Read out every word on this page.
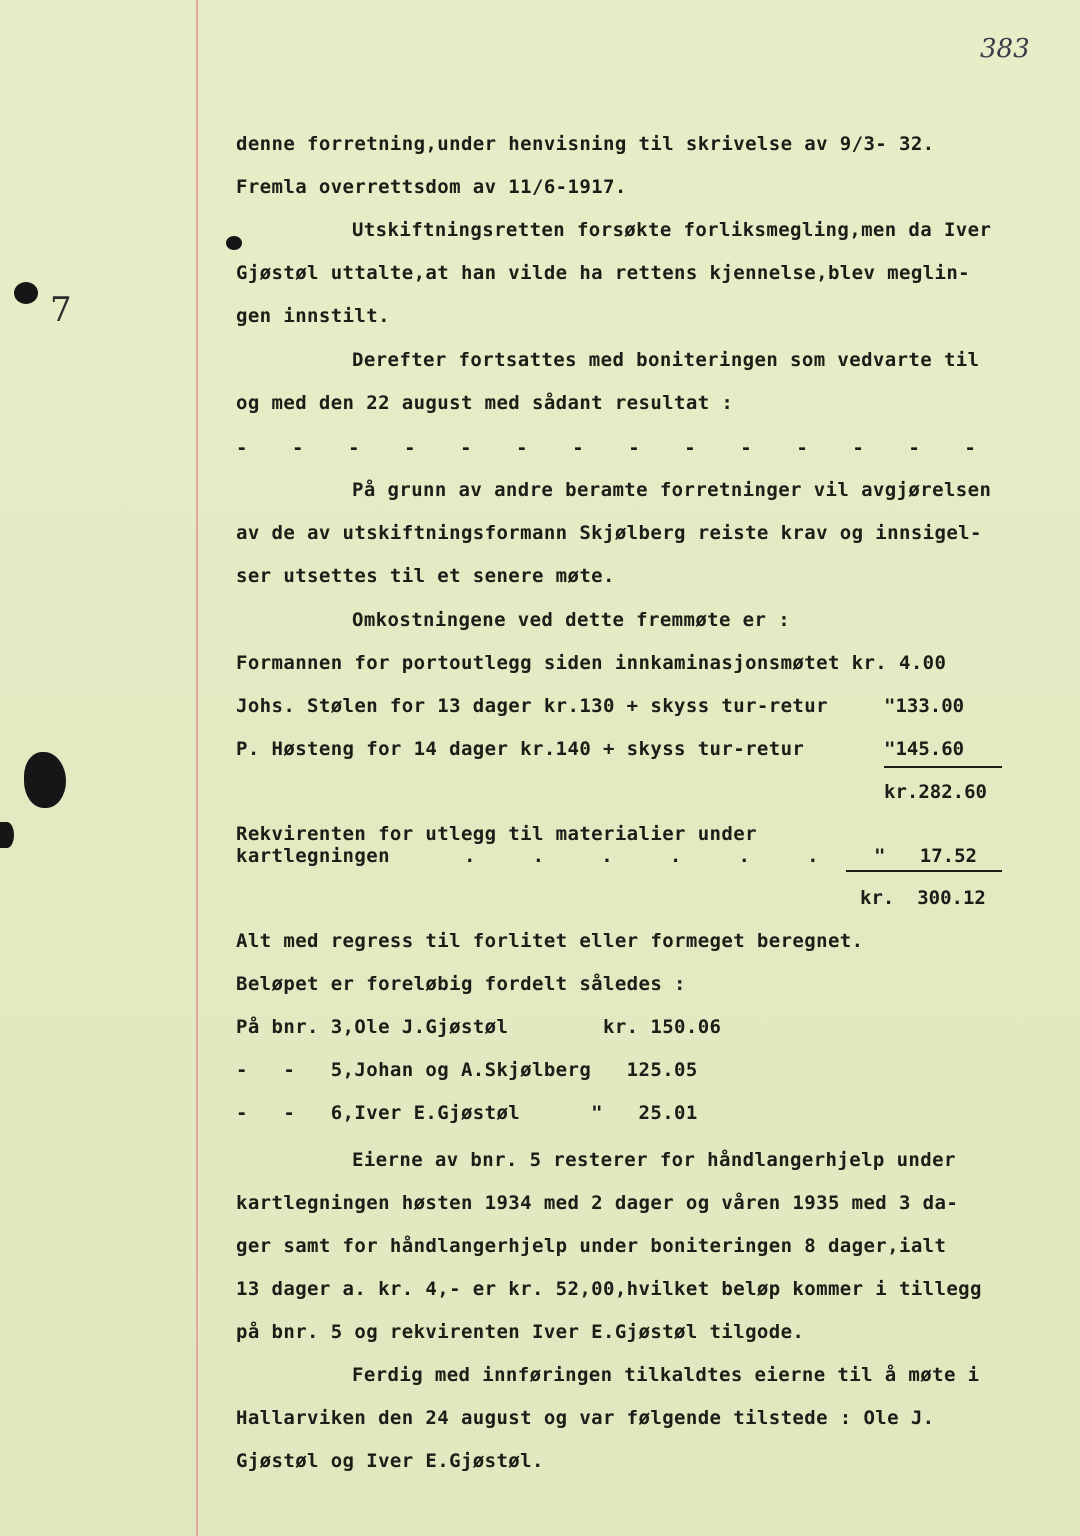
383
7
denne forretning,under henvisning til skrivelse av 9/3- 32.
Fremla overrettsdom av 11/6-1917.
Utskiftningsretten forsøkte forliksmegling,men da Iver
Gjøstøl uttalte,at han vilde ha rettens kjennelse,blev meglin-
gen innstilt.
Derefter fortsattes med boniteringen som vedvarte til
og med den 22 august med sådant resultat :
- - - - - - - - - - - - - -
På grunn av andre beramte forretninger vil avgjørelsen
av de av utskiftningsformann Skjølberg reiste krav og innsigel-
ser utsettes til et senere møte.
Omkostningene ved dette fremmøte er :
Formannen for portoutlegg siden innkaminasjonsmøtet kr. 4.00
Johs. Stølen for 13 dager kr.130 + skyss tur-retur	"133.00
P. Høsteng for 14 dager kr.140 + skyss tur-retur	"145.60
kr.282.60
Rekvirenten for utlegg til materialier under
kartlegningen	.     .     .     .     .     .	"   17.52
kr.  300.12
Alt med regress til forlitet eller formeget beregnet.
Beløpet er foreløbig fordelt således :
På bnr. 3,Ole J.Gjøstøl        kr. 150.06
-   -   5,Johan og A.Skjølberg   125.05
-   -   6,Iver E.Gjøstøl      "   25.01
Eierne av bnr. 5 resterer for håndlangerhjelp under
kartlegningen høsten 1934 med 2 dager og våren 1935 med 3 da-
ger samt for håndlangerhjelp under boniteringen 8 dager,ialt
13 dager a. kr. 4,- er kr. 52,00,hvilket beløp kommer i tillegg
på bnr. 5 og rekvirenten Iver E.Gjøstøl tilgode.
Ferdig med innføringen tilkaldtes eierne til å møte i
Hallarviken den 24 august og var følgende tilstede : Ole J.
Gjøstøl og Iver E.Gjøstøl.
